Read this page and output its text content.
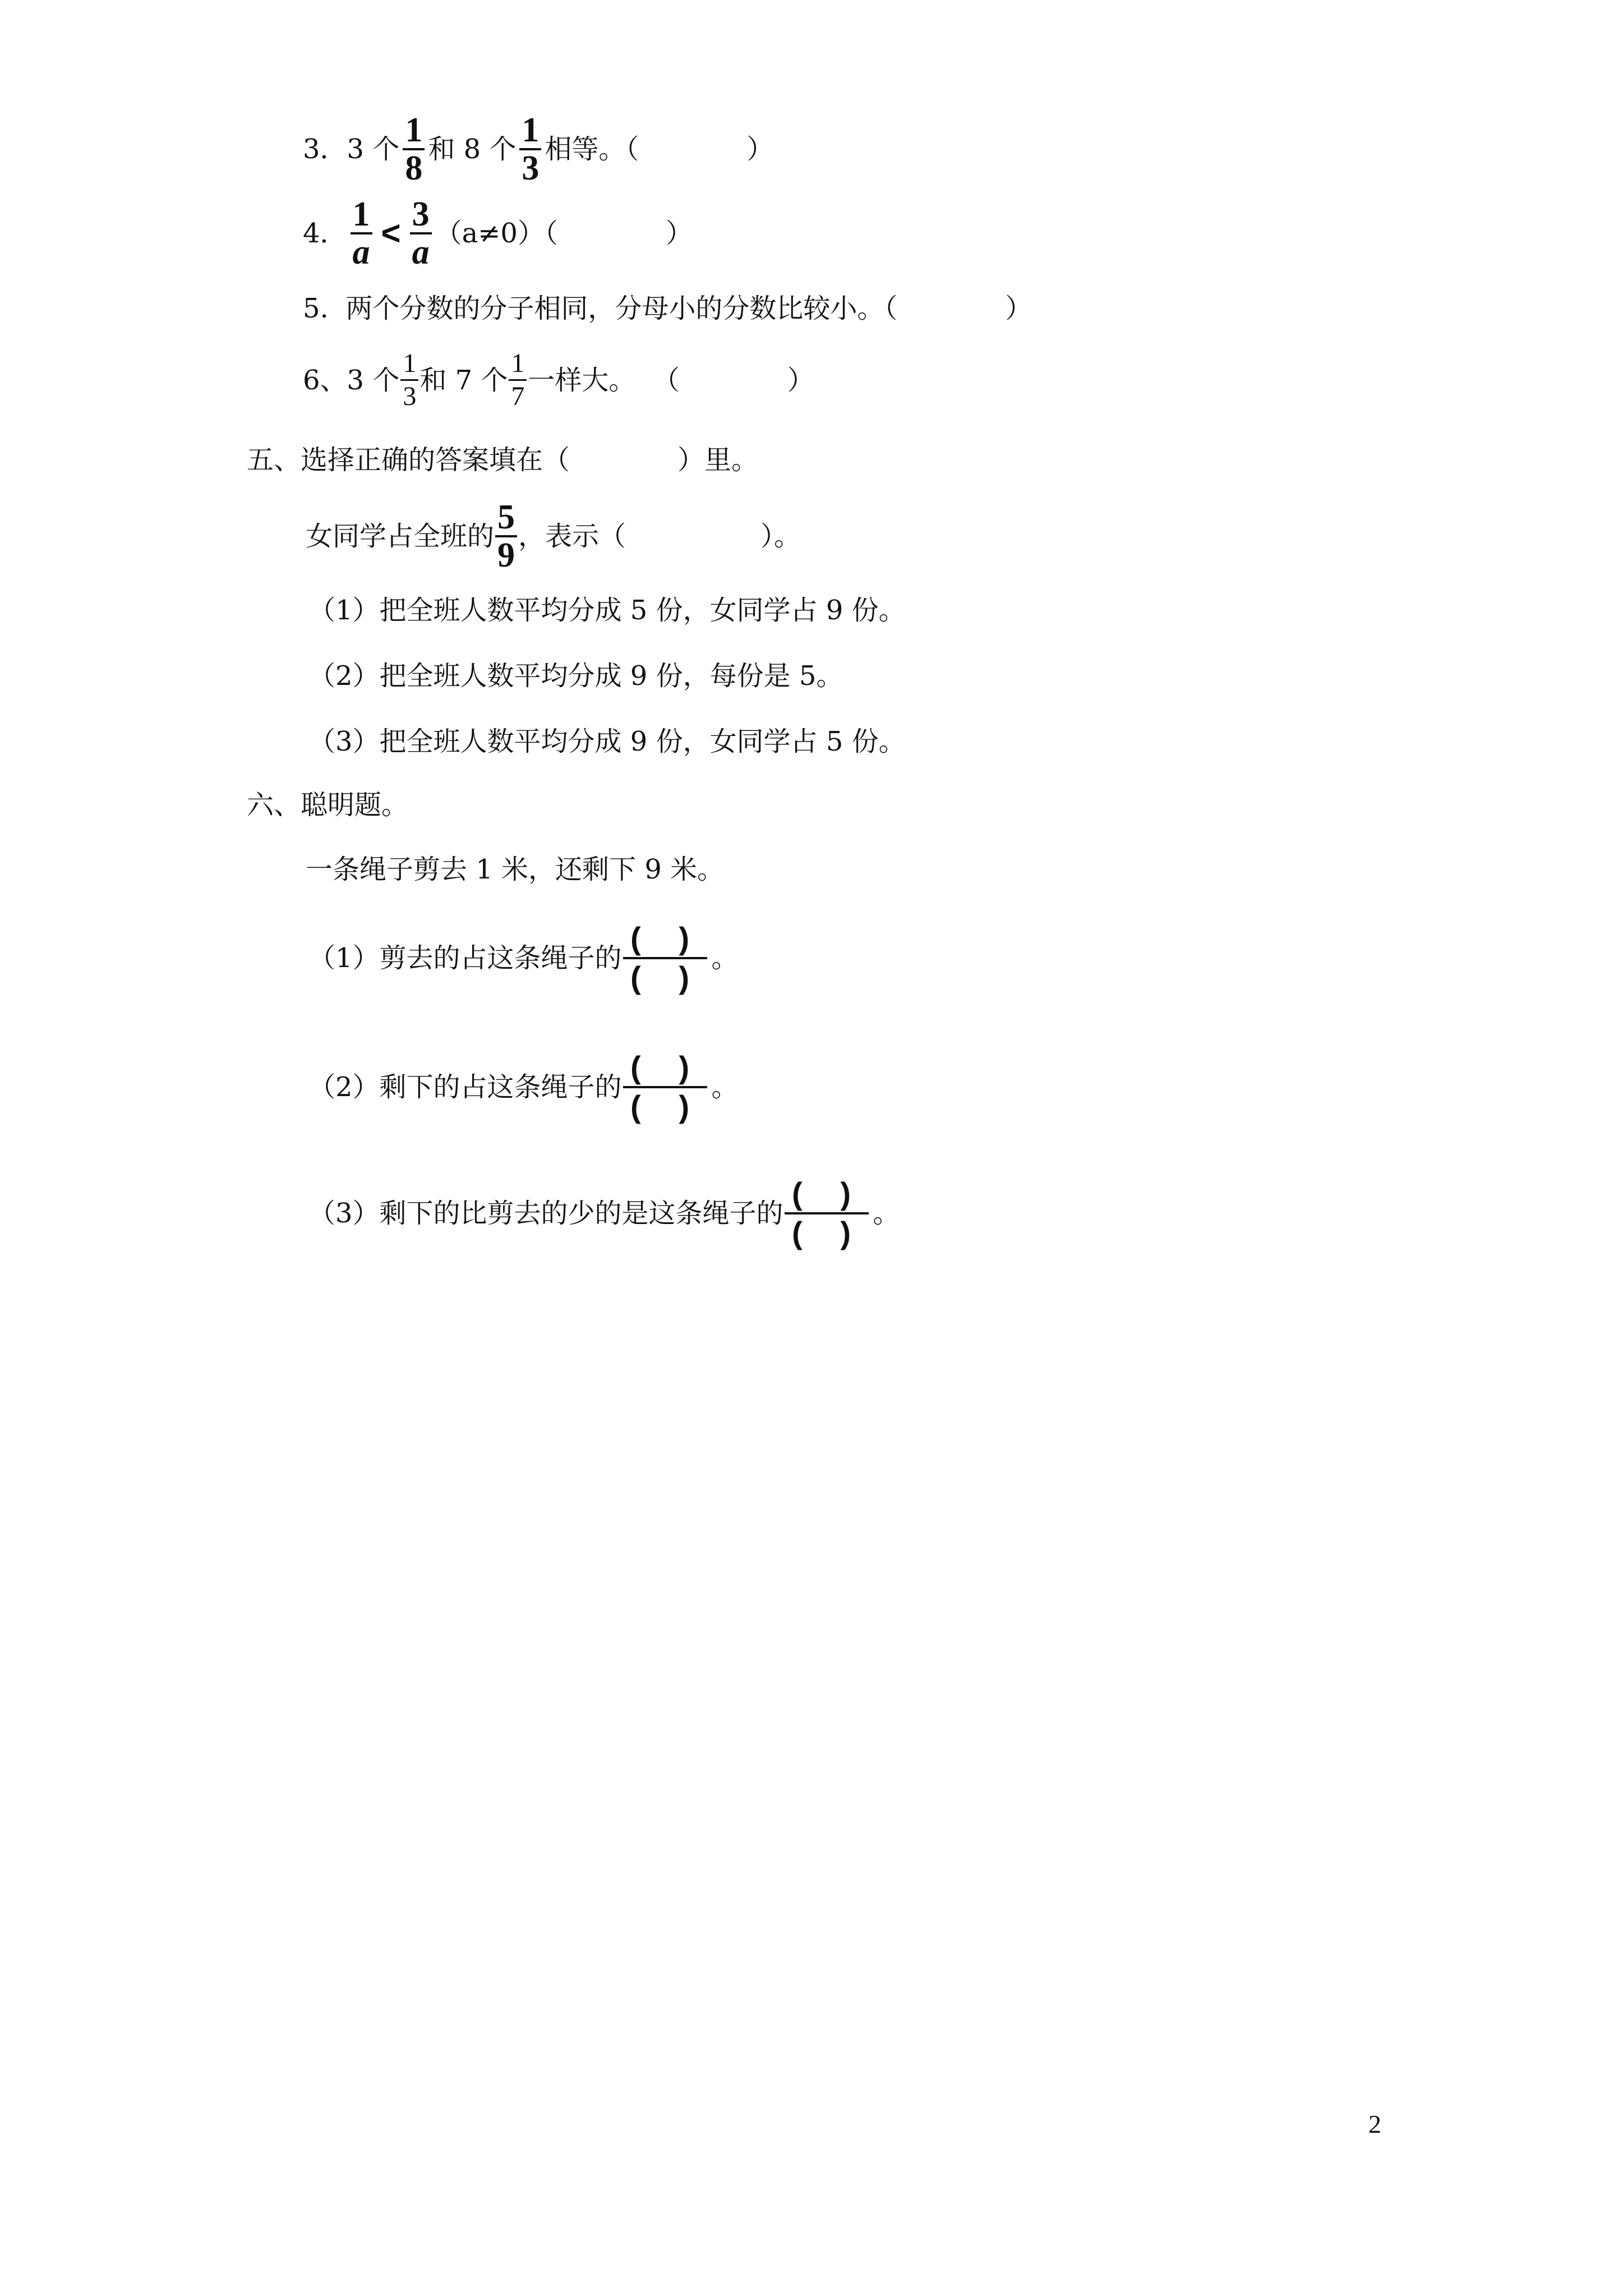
3．3 个 $\frac{1}{8}$ 和 8 个 $\frac{1}{3}$ 相等。（　　　　）
4． $\frac{1}{a} < \frac{3}{a} (a\ne 0)$（　　　　）
5.  两个分数的分子相同，分母小的分数比较小。（　　　　）
6、3 个 $\frac{1}{3}$ 和 7 个 $\frac{1}{7}$ 一样大。  （　　　　）
五、选择正确的答案填在（　　　　）里。
女同学占全班的 $\frac{5}{9}$ ，表示（　　　　　）。
（1）把全班人数平均分成 5 份，女同学占 9 份。
（2）把全班人数平均分成 9 份，每份是 5。
（3）把全班人数平均分成 9 份，女同学占 5 份。
六、聪明题。
一条绳子剪去 1 米，还剩下 9 米。
（1）剪去的占这条绳子的 $\frac{( )}{( )}$ 。
（2）剩下的占这条绳子的 $\frac{( )}{( )}$ 。
（3）剩下的比剪去的少的是这条绳子的 $\frac{( )}{( )}$ 。
2
